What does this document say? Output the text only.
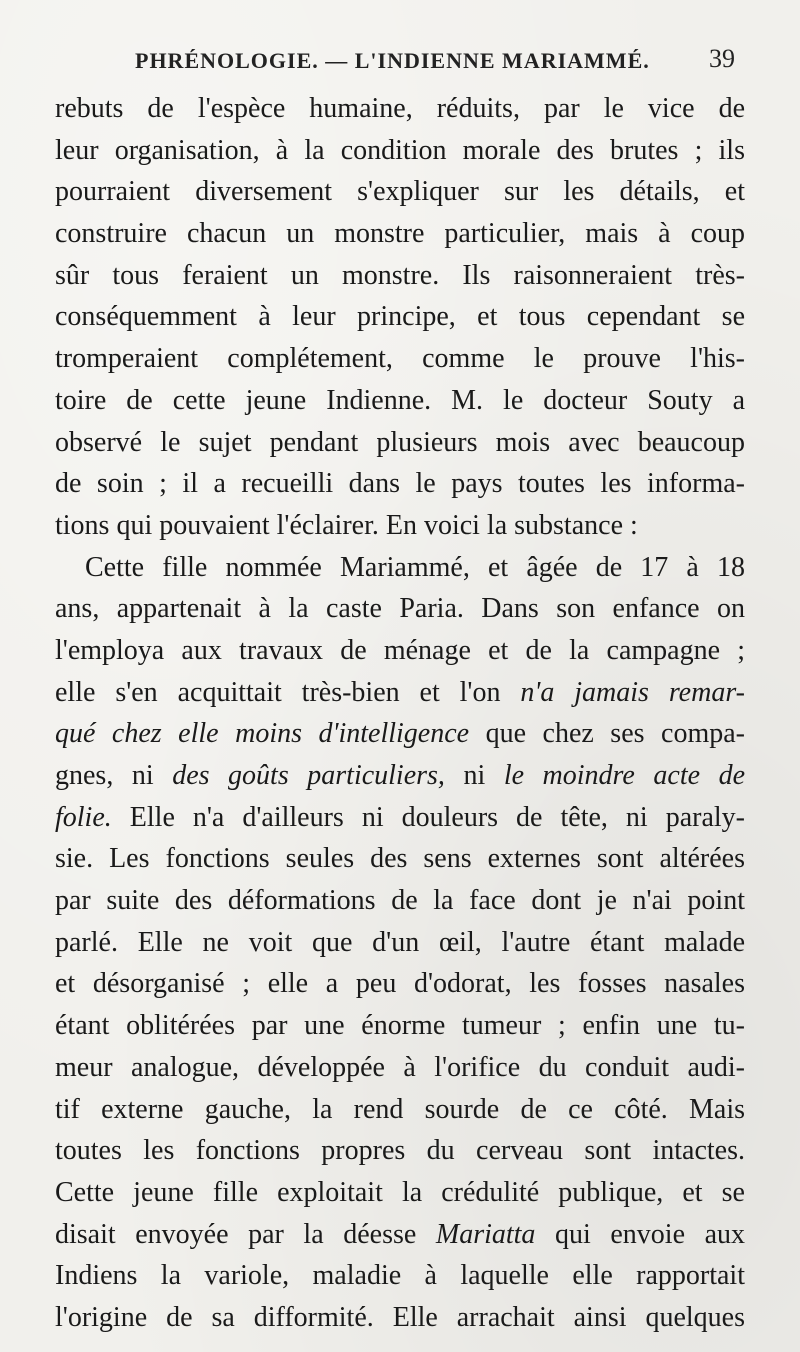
PHRÉNOLOGIE. — L'INDIENNE MARIAMMÉ. 39
rebuts de l'espèce humaine, réduits, par le vice de
leur organisation, à la condition morale des brutes ; ils
pourraient diversement s'expliquer sur les détails, et
construire chacun un monstre particulier, mais à coup
sûr tous feraient un monstre. Ils raisonneraient très-
conséquemment à leur principe, et tous cependant se
tromperaient complétement, comme le prouve l'his-
toire de cette jeune Indienne. M. le docteur Souty a
observé le sujet pendant plusieurs mois avec beaucoup
de soin ; il a recueilli dans le pays toutes les informa-
tions qui pouvaient l'éclairer. En voici la substance :
Cette fille nommée Mariammé, et âgée de 17 à 18
ans, appartenait à la caste Paria. Dans son enfance on
l'employa aux travaux de ménage et de la campagne ;
elle s'en acquittait très-bien et l'on n'a jamais remar-
qué chez elle moins d'intelligence que chez ses compa-
gnes, ni des goûts particuliers, ni le moindre acte de
folie. Elle n'a d'ailleurs ni douleurs de tête, ni paraly-
sie. Les fonctions seules des sens externes sont altérées
par suite des déformations de la face dont je n'ai point
parlé. Elle ne voit que d'un œil, l'autre étant malade
et désorganisé ; elle a peu d'odorat, les fosses nasales
étant oblitérées par une énorme tumeur ; enfin une tu-
meur analogue, développée à l'orifice du conduit audi-
tif externe gauche, la rend sourde de ce côté. Mais
toutes les fonctions propres du cerveau sont intactes.
Cette jeune fille exploitait la crédulité publique, et se
disait envoyée par la déesse Mariatta qui envoie aux
Indiens la variole, maladie à laquelle elle rapportait
l'origine de sa difformité. Elle arrachait ainsi quelques
